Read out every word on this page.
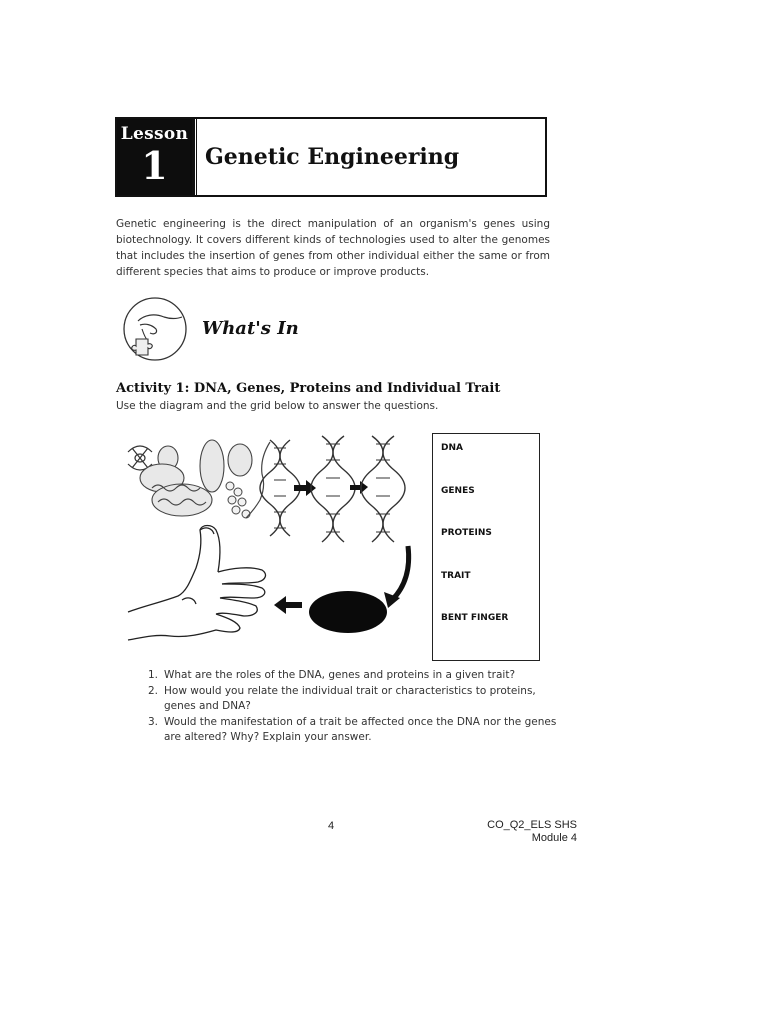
Lesson
1 Genetic Engineering

Genetic engineering is the direct manipulation of an organism's genes using biotechnology. It covers different kinds of technologies used to alter the genomes that includes the insertion of genes from other individual either the same or from different species that aims to produce or improve products.

What's In
Activity 1: DNA, Genes, Proteins and Individual Trait
Use the diagram and the grid below to answer the questions.
DNA
GENES
PROTEINS
TRAIT
BENT FINGER
1. What are the roles of the DNA, genes and proteins in a given trait?
2. How would you relate the individual trait or characteristics to proteins, genes and DNA?
3. Would the manifestation of a trait be affected once the DNA nor the genes are altered? Why? Explain your answer.
4	CO_Q2_ELS SHS
Module 4
